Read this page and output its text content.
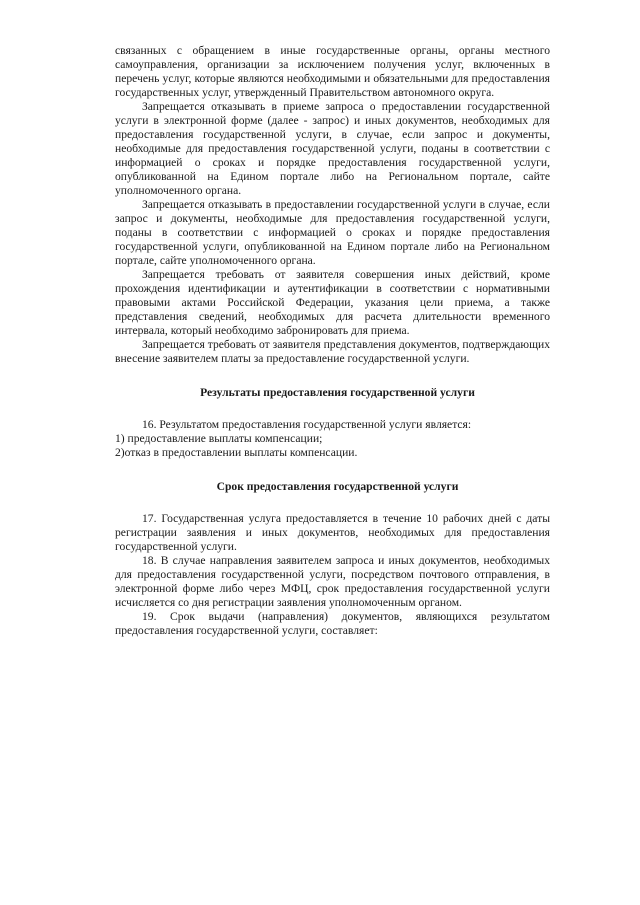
связанных с обращением в иные государственные органы, органы местного самоуправления, организации за исключением получения услуг, включенных в перечень услуг, которые являются необходимыми и обязательными для предоставления государственных услуг, утвержденный Правительством автономного округа.

Запрещается отказывать в приеме запроса о предоставлении государственной услуги в электронной форме (далее - запрос) и иных документов, необходимых для предоставления государственной услуги, в случае, если запрос и документы, необходимые для предоставления государственной услуги, поданы в соответствии с информацией о сроках и порядке предоставления государственной услуги, опубликованной на Едином портале либо на Региональном портале, сайте уполномоченного органа.

Запрещается отказывать в предоставлении государственной услуги в случае, если запрос и документы, необходимые для предоставления государственной услуги, поданы в соответствии с информацией о сроках и порядке предоставления государственной услуги, опубликованной на Едином портале либо на Региональном портале, сайте уполномоченного органа.

Запрещается требовать от заявителя совершения иных действий, кроме прохождения идентификации и аутентификации в соответствии с нормативными правовыми актами Российской Федерации, указания цели приема, а также представления сведений, необходимых для расчета длительности временного интервала, который необходимо забронировать для приема.

Запрещается требовать от заявителя представления документов, подтверждающих внесение заявителем платы за предоставление государственной услуги.

Результаты предоставления государственной услуги

16. Результатом предоставления государственной услуги является:

1) предоставление выплаты компенсации;

2)отказ в предоставлении выплаты компенсации.

Срок предоставления государственной услуги

17. Государственная услуга предоставляется в течение 10 рабочих дней с даты регистрации заявления и иных документов, необходимых для предоставления государственной услуги.

18. В случае направления заявителем запроса и иных документов, необходимых для предоставления государственной услуги, посредством почтового отправления, в электронной форме либо через МФЦ, срок предоставления государственной услуги исчисляется со дня регистрации заявления уполномоченным органом.

19. Срок выдачи (направления) документов, являющихся результатом предоставления государственной услуги, составляет:
